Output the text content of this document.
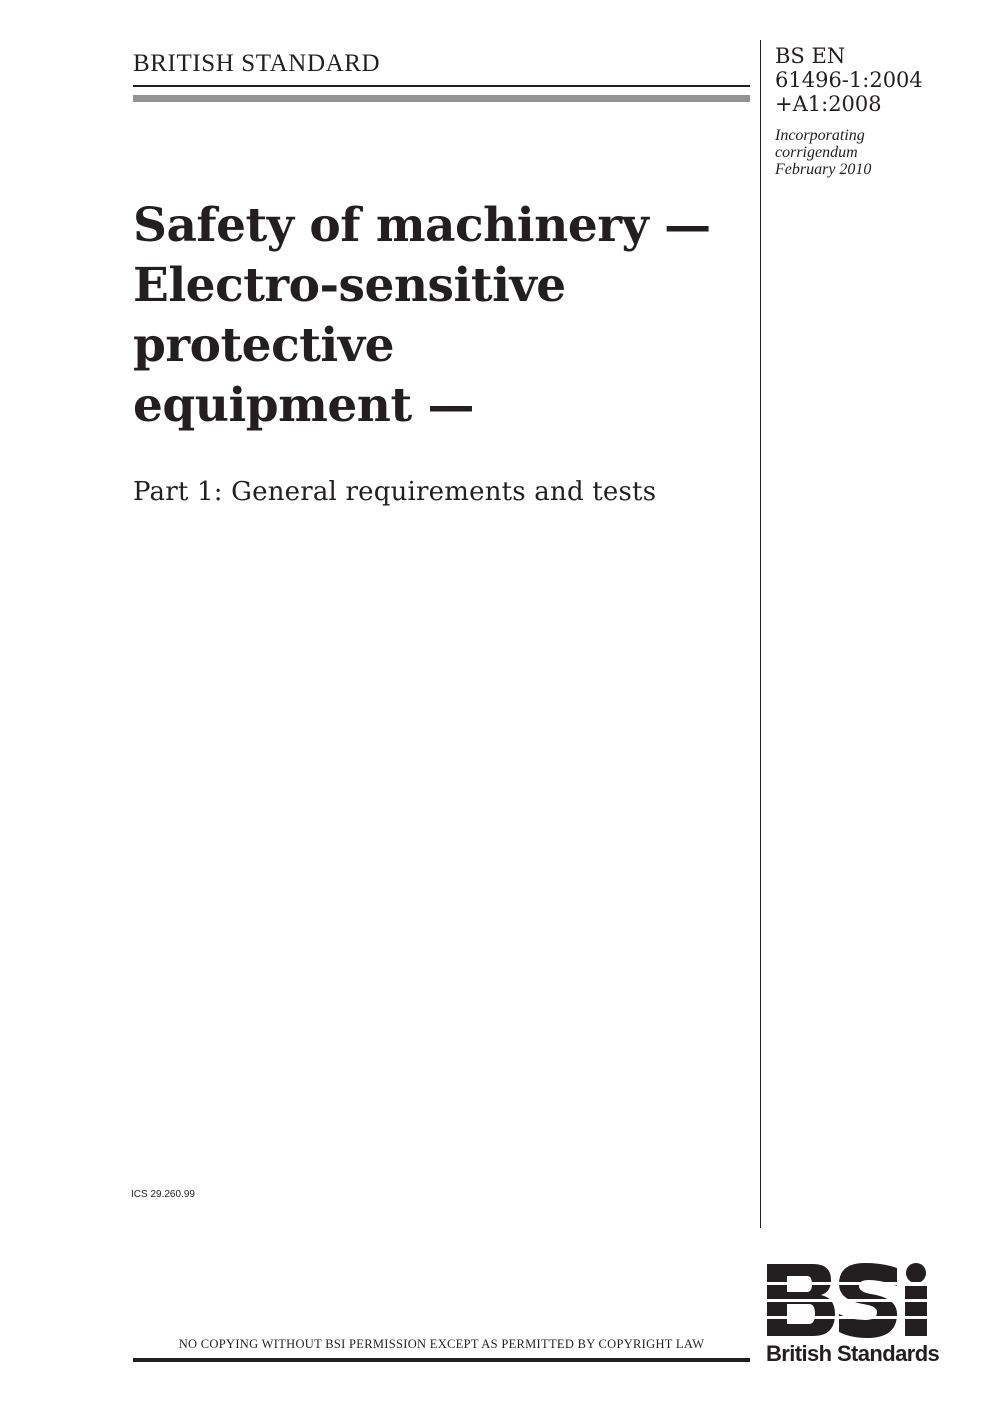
BRITISH STANDARD	BS EN
61496-1:2004
+A1:2008
Incorporating
corrigendum
February 2010
Safety of machinery —
Electro-sensitive
protective
equipment —
Part 1: General requirements and tests
ICS 29.260.99
NO COPYING WITHOUT BSI PERMISSION EXCEPT AS PERMITTED BY COPYRIGHT LAW	British Standards
